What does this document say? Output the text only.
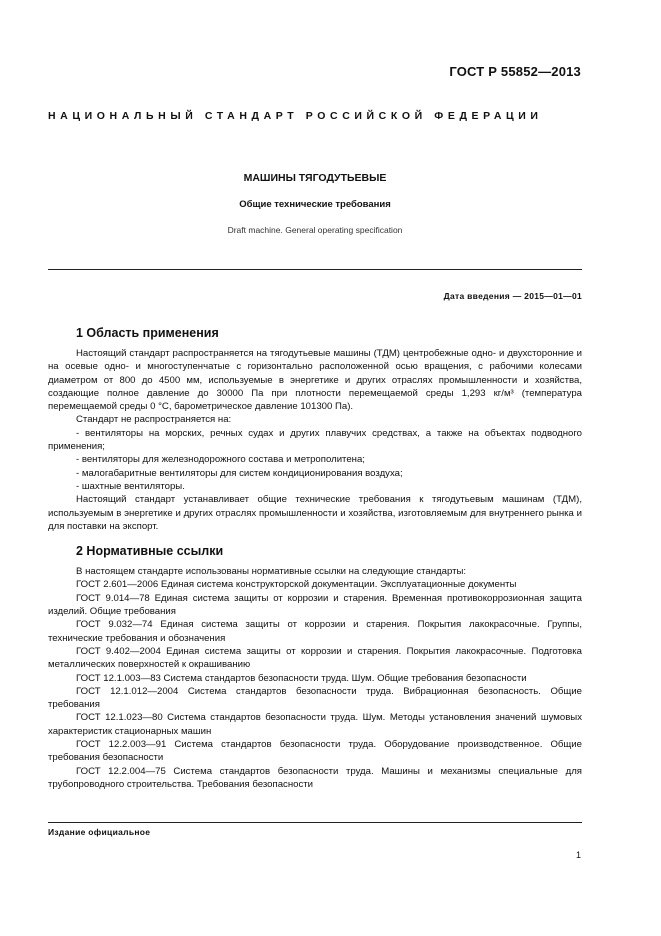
ГОСТ Р 55852—2013
НАЦИОНАЛЬНЫЙ СТАНДАРТ РОССИЙСКОЙ ФЕДЕРАЦИИ
МАШИНЫ ТЯГОДУТЬЕВЫЕ
Общие технические требования
Draft machine. General operating specification
Дата введения — 2015—01—01
1 Область применения

Настоящий стандарт распространяется на тягодутьевые машины (ТДМ) центробежные одно- и двухсторонние и на осевые одно- и многоступенчатые с горизонтально расположенной осью вращения, с рабочими колесами диаметром от 800 до 4500 мм, используемые в энергетике и других отраслях промышленности и хозяйства, создающие полное давление до 30000 Па при плотности перемещаемой среды 1,293 кг/м³ (температура перемещаемой среды 0 °С, барометрическое давление 101300 Па).

Стандарт не распространяется на:

- вентиляторы на морских, речных судах и других плавучих средствах, а также на объектах подводного применения;

- вентиляторы для железнодорожного состава и метрополитена;

- малогабаритные вентиляторы для систем кондиционирования воздуха;

- шахтные вентиляторы.

Настоящий стандарт устанавливает общие технические требования к тягодутьевым машинам (ТДМ), используемым в энергетике и других отраслях промышленности и хозяйства, изготовляемым для внутреннего рынка и для поставки на экспорт.

2 Нормативные ссылки

В настоящем стандарте использованы нормативные ссылки на следующие стандарты:

ГОСТ 2.601—2006 Единая система конструкторской документации. Эксплуатационные документы

ГОСТ 9.014—78 Единая система защиты от коррозии и старения. Временная противокоррозионная защита изделий. Общие требования

ГОСТ 9.032—74 Единая система защиты от коррозии и старения. Покрытия лакокрасочные. Группы, технические требования и обозначения

ГОСТ 9.402—2004 Единая система защиты от коррозии и старения. Покрытия лакокрасочные. Подготовка металлических поверхностей к окрашиванию

ГОСТ 12.1.003—83 Система стандартов безопасности труда. Шум. Общие требования безопасности

ГОСТ 12.1.012—2004 Система стандартов безопасности труда. Вибрационная безопасность. Общие требования

ГОСТ 12.1.023—80 Система стандартов безопасности труда. Шум. Методы установления значений шумовых характеристик стационарных машин

ГОСТ 12.2.003—91 Система стандартов безопасности труда. Оборудование производственное. Общие требования безопасности

ГОСТ 12.2.004—75 Система стандартов безопасности труда. Машины и механизмы специальные для трубопроводного строительства. Требования безопасности

Издание официальное
1
